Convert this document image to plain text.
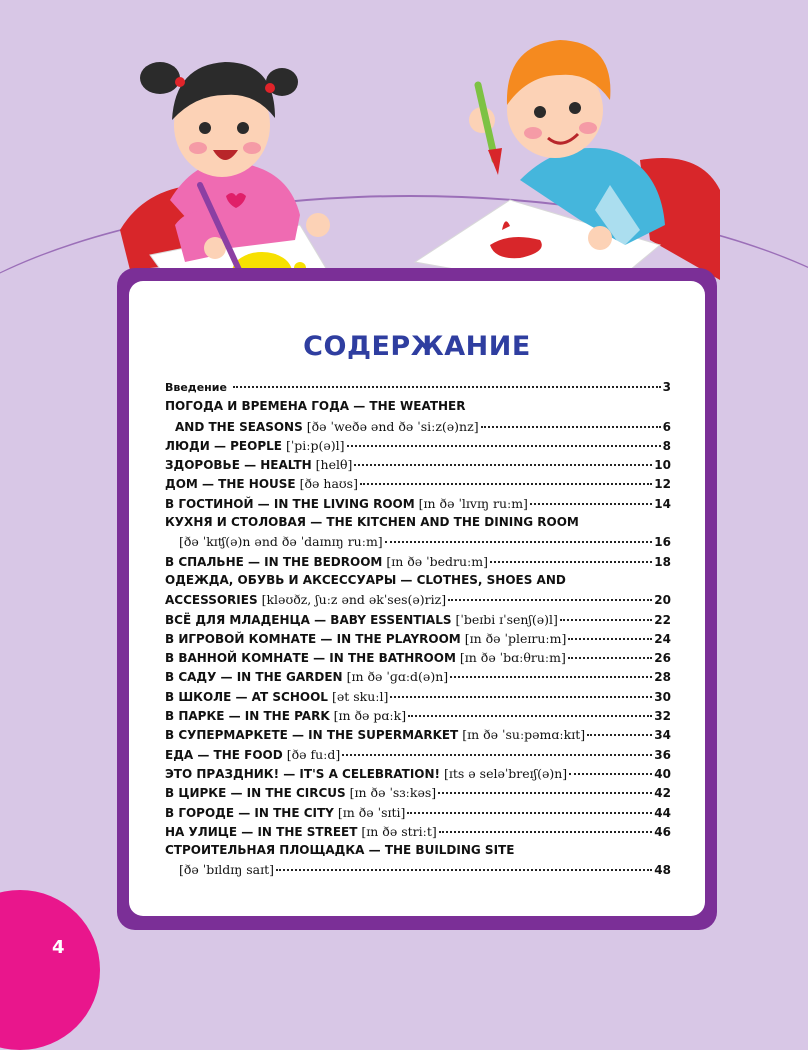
СОДЕРЖАНИЕ
Введение	3
ПОГОДА И ВРЕМЕНА ГОДА — THE WEATHER
AND THE SEASONS [ðə ˈweðə ənd ðə ˈsiːz(ə)nz]	6
ЛЮДИ — PEOPLE [ˈpiːp(ə)l]	8
ЗДОРОВЬЕ — HEALTH [helθ]	10
ДОМ — THE HOUSE [ðə haʊs]	12
В ГОСТИНОЙ — IN THE LIVING ROOM [ɪn ðə ˈlɪvɪŋ ruːm]	14
КУХНЯ И СТОЛОВАЯ — THE KITCHEN AND THE DINING ROOM
[ðə ˈkɪʧ(ə)n ənd ðə ˈdaɪnɪŋ ruːm]	16
В СПАЛЬНЕ — IN THE BEDROOM [ɪn ðə ˈbedruːm]	18
ОДЕЖДА, ОБУВЬ И АКСЕССУАРЫ — CLOTHES, SHOES AND
ACCESSORIES [kləʊðz, ʃuːz ənd əkˈses(ə)riz]	20
ВСЁ ДЛЯ МЛАДЕНЦА — BABY ESSENTIALS [ˈbeɪbi ɪˈsenʃ(ə)l]	22
В ИГРОВОЙ КОМНАТЕ — IN THE PLAYROOM [ɪn ðə ˈpleɪruːm]	24
В ВАННОЙ КОМНАТЕ — IN THE BATHROOM [ɪn ðə ˈbɑːθruːm]	26
В САДУ — IN THE GARDEN [ɪn ðə ˈɡɑːd(ə)n]	28
В ШКОЛЕ — AT SCHOOL [ət skuːl]	30
В ПАРКЕ — IN THE PARK [ɪn ðə pɑːk]	32
В СУПЕРМАРКЕТЕ — IN THE SUPERMARKET [ɪn ðə ˈsuːpəmɑːkɪt]	34
ЕДА — THE FOOD [ðə fuːd]	36
ЭТО ПРАЗДНИК! — IT'S A CELEBRATION! [ɪts ə seləˈbreɪʃ(ə)n]	40
В ЦИРКЕ — IN THE CIRCUS [ɪn ðə ˈsɜːkəs]	42
В ГОРОДЕ — IN THE CITY [ɪn ðə ˈsɪti]	44
НА УЛИЦЕ — IN THE STREET [ɪn ðə striːt]	46
СТРОИТЕЛЬНАЯ ПЛОЩАДКА — THE BUILDING SITE
[ðə ˈbɪldɪŋ saɪt]	48
4
